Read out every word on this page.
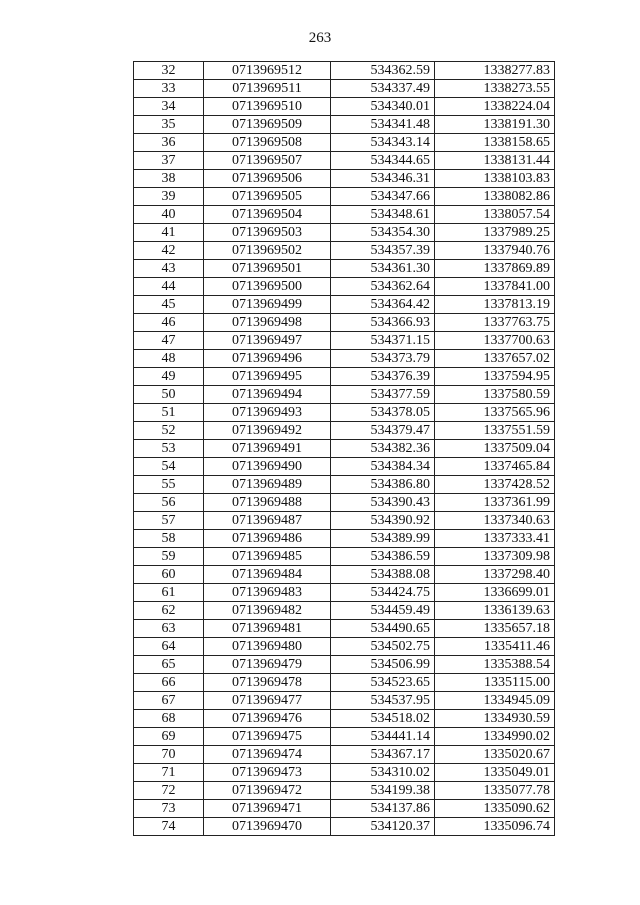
263
32	0713969512	534362.59	1338277.83
33	0713969511	534337.49	1338273.55
34	0713969510	534340.01	1338224.04
35	0713969509	534341.48	1338191.30
36	0713969508	534343.14	1338158.65
37	0713969507	534344.65	1338131.44
38	0713969506	534346.31	1338103.83
39	0713969505	534347.66	1338082.86
40	0713969504	534348.61	1338057.54
41	0713969503	534354.30	1337989.25
42	0713969502	534357.39	1337940.76
43	0713969501	534361.30	1337869.89
44	0713969500	534362.64	1337841.00
45	0713969499	534364.42	1337813.19
46	0713969498	534366.93	1337763.75
47	0713969497	534371.15	1337700.63
48	0713969496	534373.79	1337657.02
49	0713969495	534376.39	1337594.95
50	0713969494	534377.59	1337580.59
51	0713969493	534378.05	1337565.96
52	0713969492	534379.47	1337551.59
53	0713969491	534382.36	1337509.04
54	0713969490	534384.34	1337465.84
55	0713969489	534386.80	1337428.52
56	0713969488	534390.43	1337361.99
57	0713969487	534390.92	1337340.63
58	0713969486	534389.99	1337333.41
59	0713969485	534386.59	1337309.98
60	0713969484	534388.08	1337298.40
61	0713969483	534424.75	1336699.01
62	0713969482	534459.49	1336139.63
63	0713969481	534490.65	1335657.18
64	0713969480	534502.75	1335411.46
65	0713969479	534506.99	1335388.54
66	0713969478	534523.65	1335115.00
67	0713969477	534537.95	1334945.09
68	0713969476	534518.02	1334930.59
69	0713969475	534441.14	1334990.02
70	0713969474	534367.17	1335020.67
71	0713969473	534310.02	1335049.01
72	0713969472	534199.38	1335077.78
73	0713969471	534137.86	1335090.62
74	0713969470	534120.37	1335096.74
